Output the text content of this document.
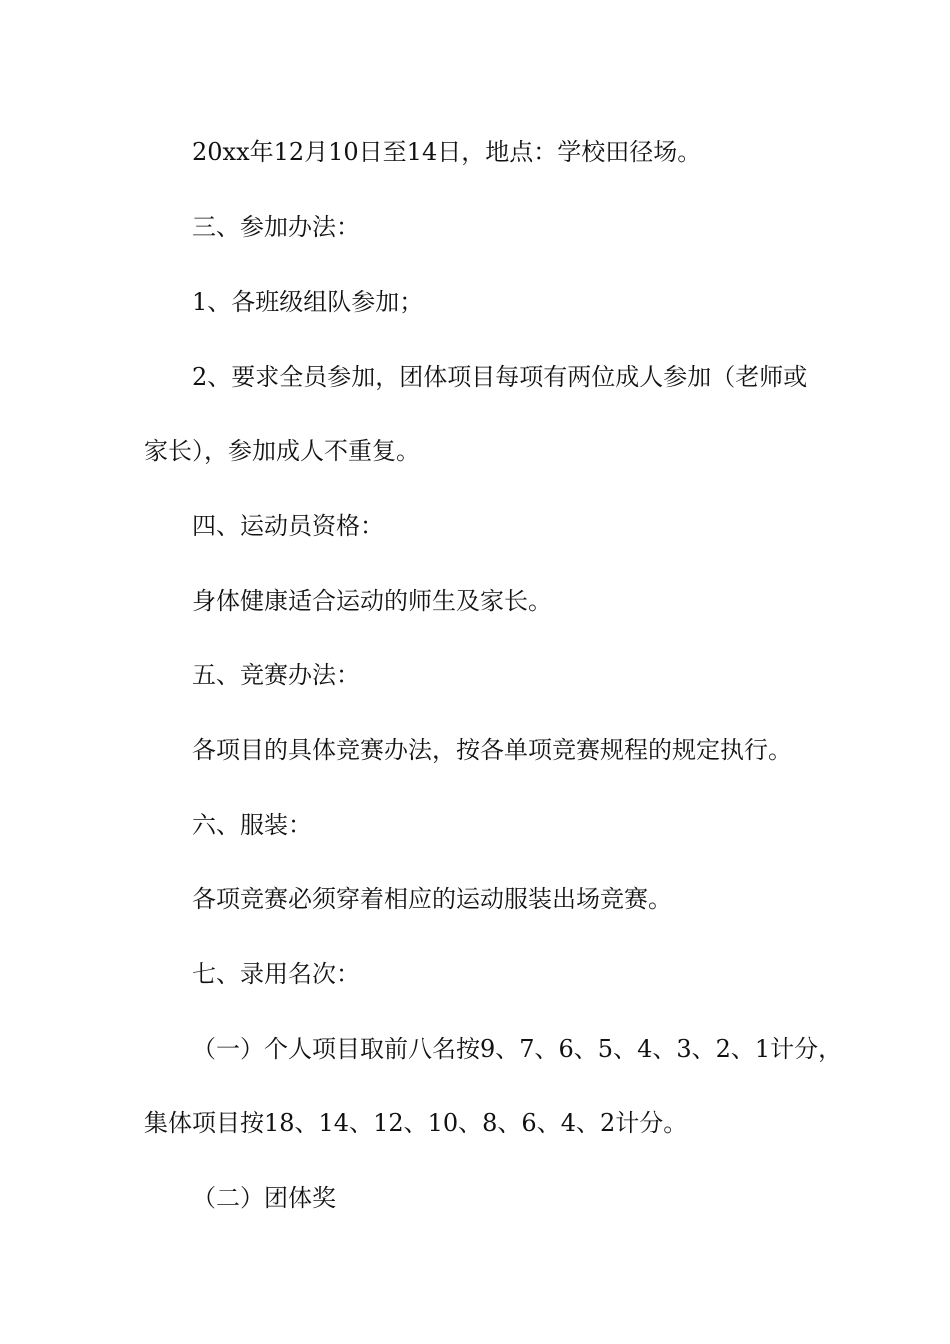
20xx年12月10日至14日，地点：学校田径场。
三、参加办法：
1、各班级组队参加；
2、要求全员参加，团体项目每项有两位成人参加（老师或
家长），参加成人不重复。
四、运动员资格：
身体健康适合运动的师生及家长。
五、竞赛办法：
各项目的具体竞赛办法，按各单项竞赛规程的规定执行。
六、服装：
各项竞赛必须穿着相应的运动服装出场竞赛。
七、录用名次：
（一）个人项目取前八名按9、7、6、5、4、3、2、1计分，
集体项目按18、14、12、10、8、6、4、2计分。
（二）团体奖
